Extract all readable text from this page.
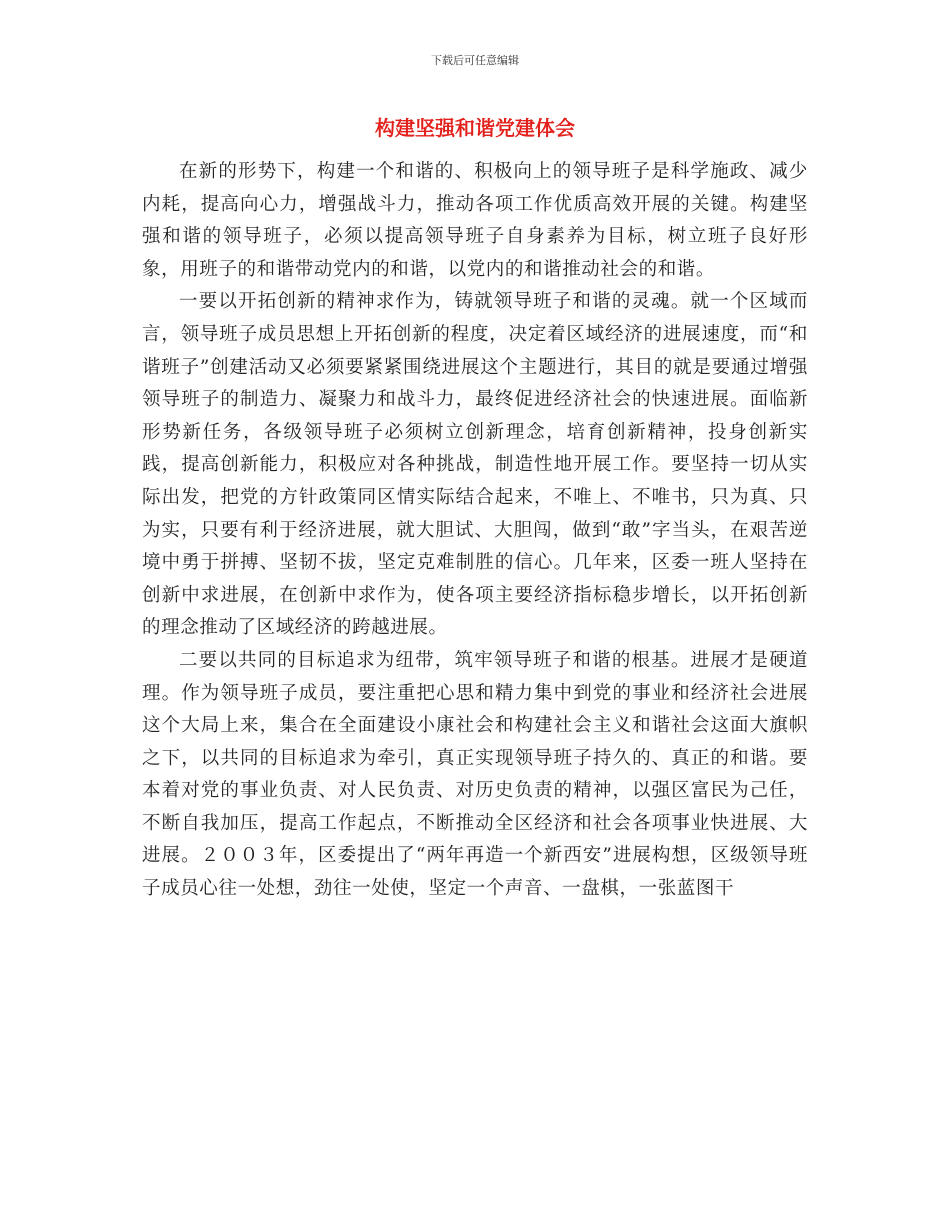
下载后可任意编辑
构建坚强和谐党建体会

在新的形势下，构建一个和谐的、积极向上的领导班子是科学施政、减少内耗，提高向心力，增强战斗力，推动各项工作优质高效开展的关键。构建坚强和谐的领导班子，必须以提高领导班子自身素养为目标，树立班子良好形象，用班子的和谐带动党内的和谐，以党内的和谐推动社会的和谐。

一要以开拓创新的精神求作为，铸就领导班子和谐的灵魂。就一个区域而言，领导班子成员思想上开拓创新的程度，决定着区域经济的进展速度，而“和谐班子”创建活动又必须要紧紧围绕进展这个主题进行，其目的就是要通过增强领导班子的制造力、凝聚力和战斗力，最终促进经济社会的快速进展。面临新形势新任务，各级领导班子必须树立创新理念，培育创新精神，投身创新实践，提高创新能力，积极应对各种挑战，制造性地开展工作。要坚持一切从实际出发，把党的方针政策同区情实际结合起来，不唯上、不唯书，只为真、只为实，只要有利于经济进展，就大胆试、大胆闯，做到“敢”字当头，在艰苦逆境中勇于拼搏、坚韧不拔，坚定克难制胜的信心。几年来，区委一班人坚持在创新中求进展，在创新中求作为，使各项主要经济指标稳步增长，以开拓创新的理念推动了区域经济的跨越进展。

二要以共同的目标追求为纽带，筑牢领导班子和谐的根基。进展才是硬道理。作为领导班子成员，要注重把心思和精力集中到党的事业和经济社会进展这个大局上来，集合在全面建设小康社会和构建社会主义和谐社会这面大旗帜之下，以共同的目标追求为牵引，真正实现领导班子持久的、真正的和谐。要本着对党的事业负责、对人民负责、对历史负责的精神，以强区富民为己任，不断自我加压，提高工作起点，不断推动全区经济和社会各项事业快进展、大进展。２００３年，区委提出了“两年再造一个新西安”进展构想，区级领导班子成员心往一处想，劲往一处使，坚定一个声音、一盘棋，一张蓝图干
